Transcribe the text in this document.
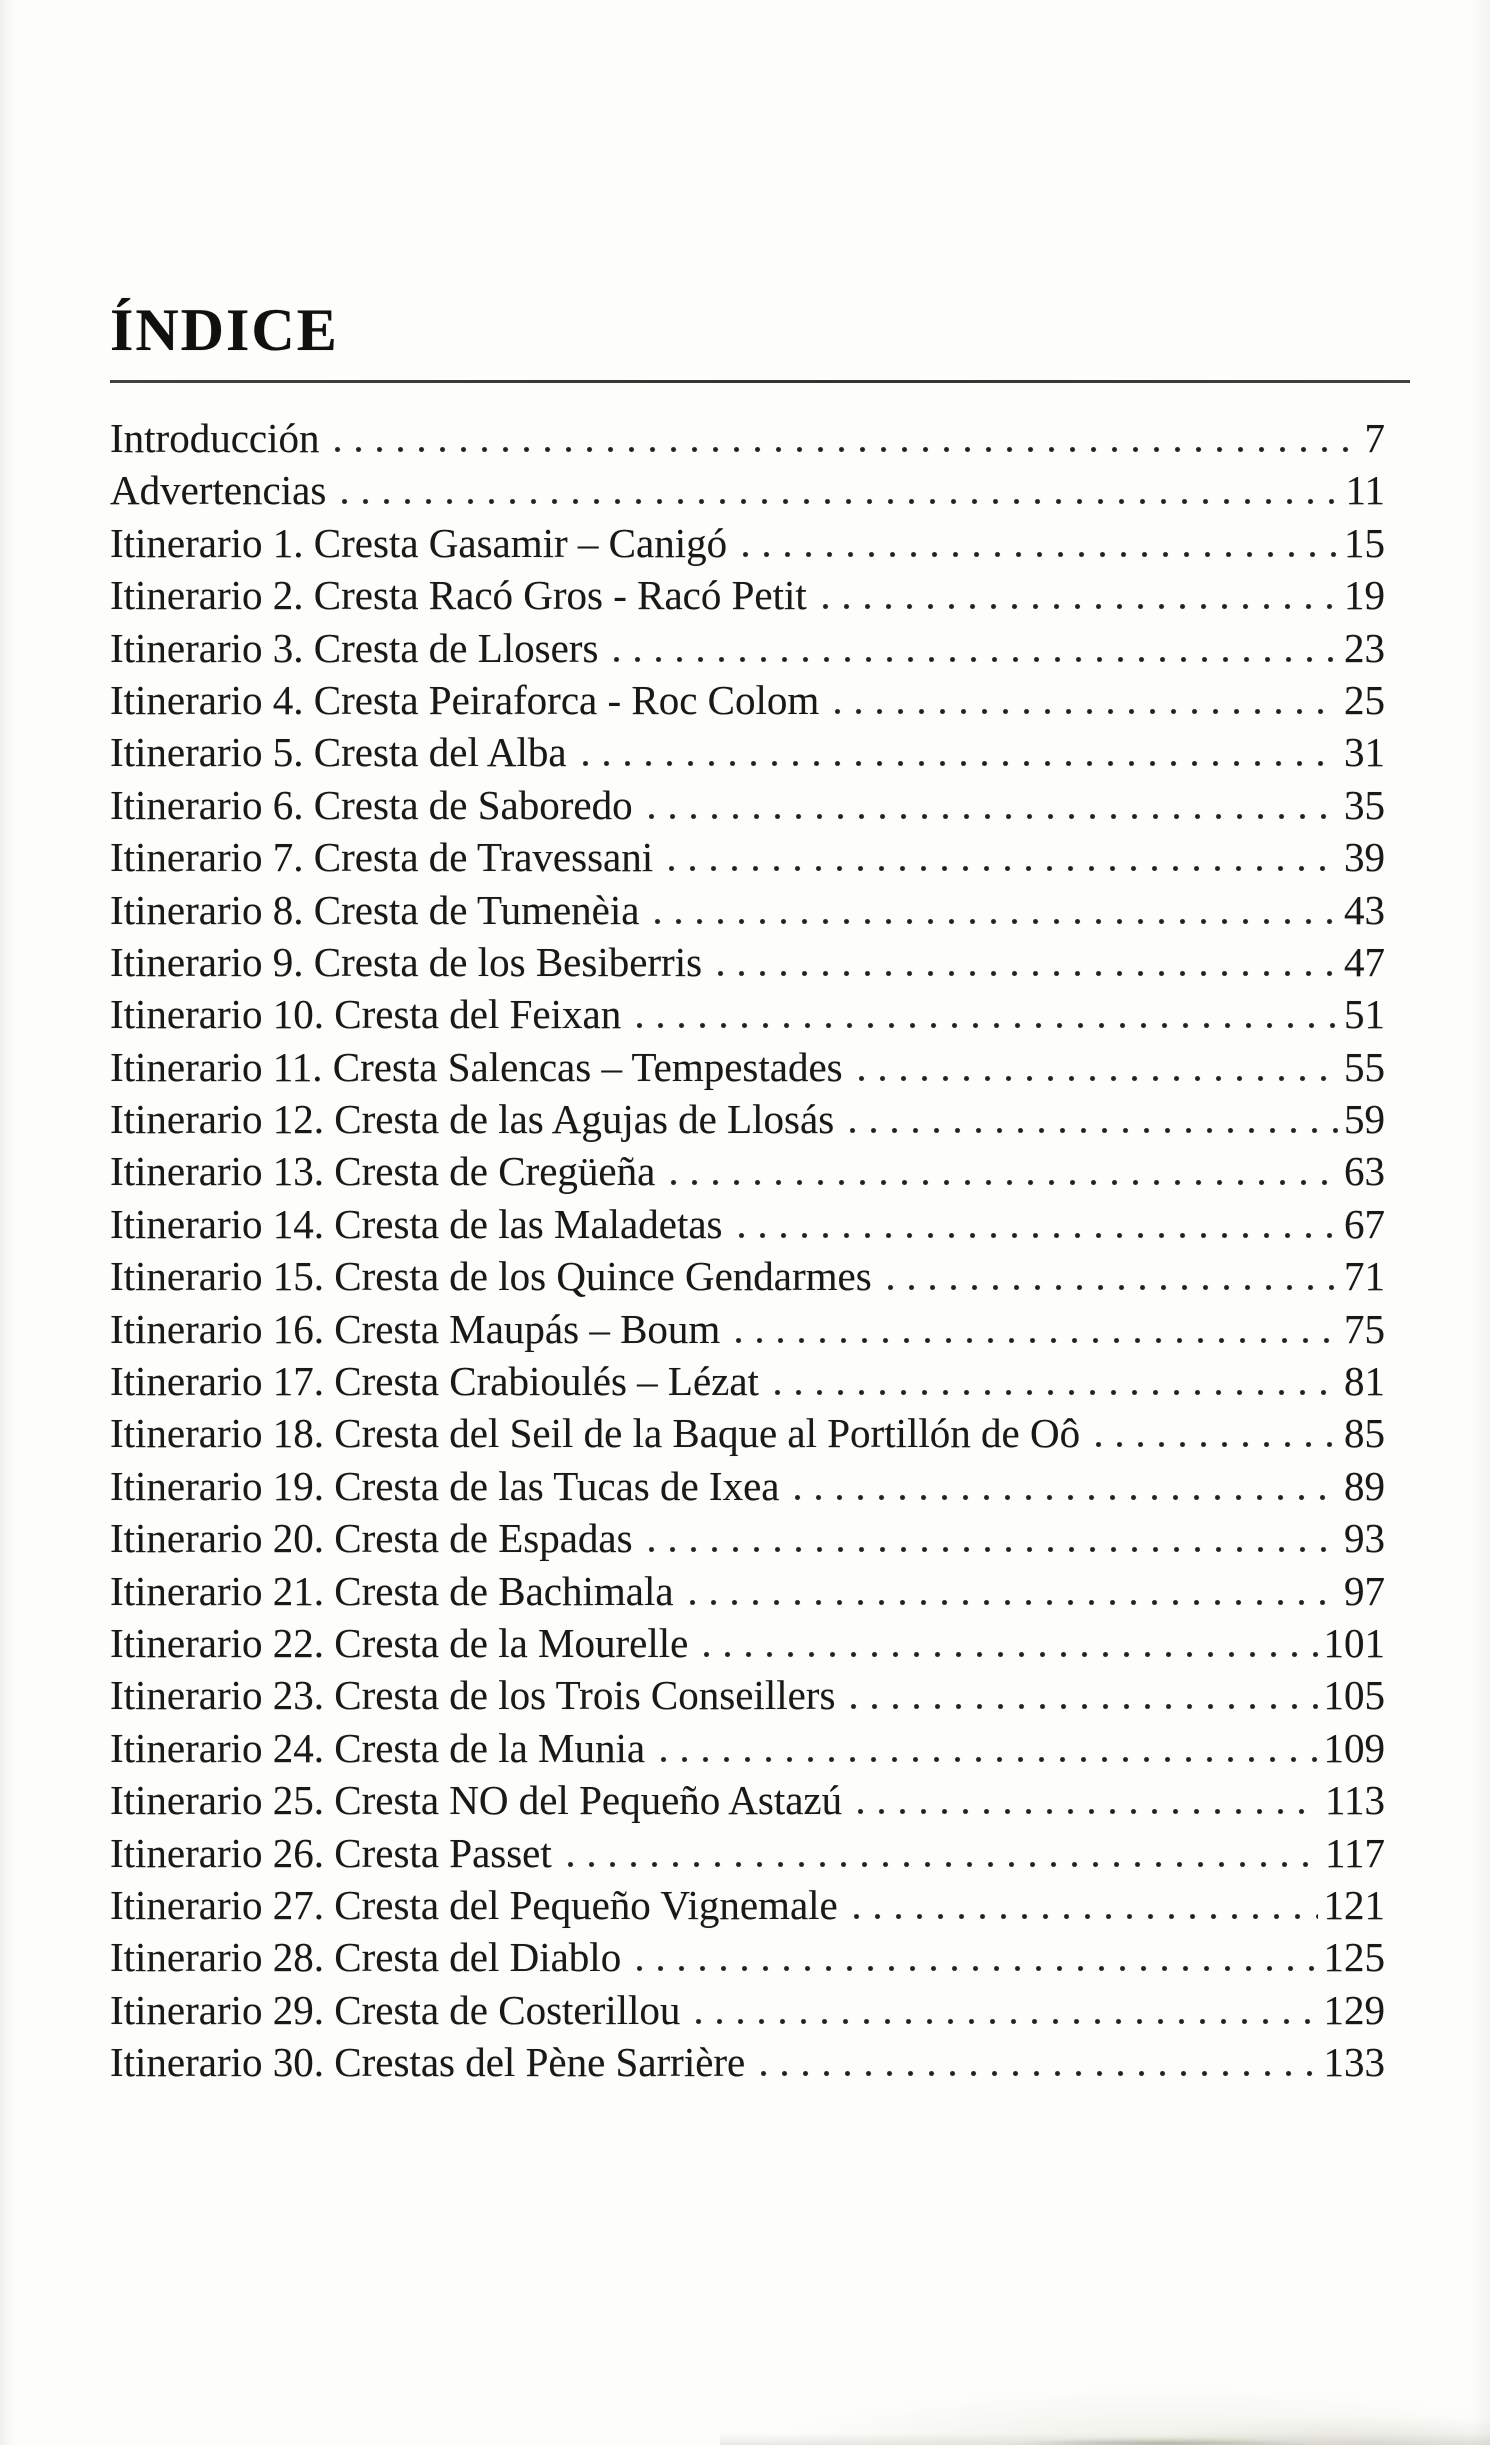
ÍNDICE
Introducción	7
Advertencias	11
Itinerario 1. Cresta Gasamir – Canigó	15
Itinerario 2. Cresta Racó Gros - Racó Petit	19
Itinerario 3. Cresta de Llosers	23
Itinerario 4. Cresta Peiraforca - Roc Colom	25
Itinerario 5. Cresta del Alba	31
Itinerario 6. Cresta de Saboredo	35
Itinerario 7. Cresta de Travessani	39
Itinerario 8. Cresta de Tumenèia	43
Itinerario 9. Cresta de los Besiberris	47
Itinerario 10. Cresta del Feixan	51
Itinerario 11. Cresta Salencas – Tempestades	55
Itinerario 12. Cresta de las Agujas de Llosás	59
Itinerario 13. Cresta de Cregüeña	63
Itinerario 14. Cresta de las Maladetas	67
Itinerario 15. Cresta de los Quince Gendarmes	71
Itinerario 16. Cresta Maupás – Boum	75
Itinerario 17. Cresta Crabioulés – Lézat	81
Itinerario 18. Cresta del Seil de la Baque al Portillón de Oô	85
Itinerario 19. Cresta de las Tucas de Ixea	89
Itinerario 20. Cresta de Espadas	93
Itinerario 21. Cresta de Bachimala	97
Itinerario 22. Cresta de la Mourelle	101
Itinerario 23. Cresta de los Trois Conseillers	105
Itinerario 24. Cresta de la Munia	109
Itinerario 25. Cresta NO del Pequeño Astazú	113
Itinerario 26. Cresta Passet	117
Itinerario 27. Cresta del Pequeño Vignemale	121
Itinerario 28. Cresta del Diablo	125
Itinerario 29. Cresta de Costerillou	129
Itinerario 30. Crestas del Pène Sarrière	133
